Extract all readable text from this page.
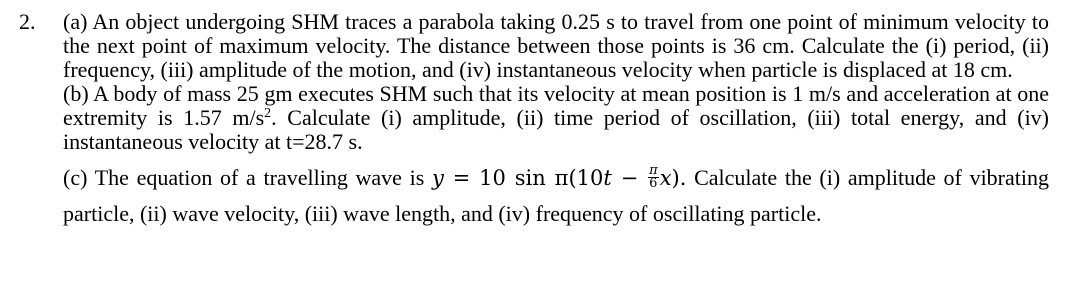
2. (a) An object undergoing SHM traces a parabola taking 0.25 s to travel from one point of minimum velocity to the next point of maximum velocity. The distance between those points is 36 cm. Calculate the (i) period, (ii) frequency, (iii) amplitude of the motion, and (iv) instantaneous velocity when particle is displaced at 18 cm.

(b) A body of mass 25 gm executes SHM such that its velocity at mean position is 1 m/s and acceleration at one extremity is 1.57 $m/s^2$. Calculate (i) amplitude, (ii) time period of oscillation, (iii) total energy, and (iv) instantaneous velocity at t=28.7 s.

(c) The equation of a travelling wave is y = 10 $\sin \pi(10t - \frac{\pi}{6} x)$. Calculate the (i) amplitude of vibrating particle, (ii) wave velocity, (iii) wave length, and (iv) frequency of oscillating particle.
